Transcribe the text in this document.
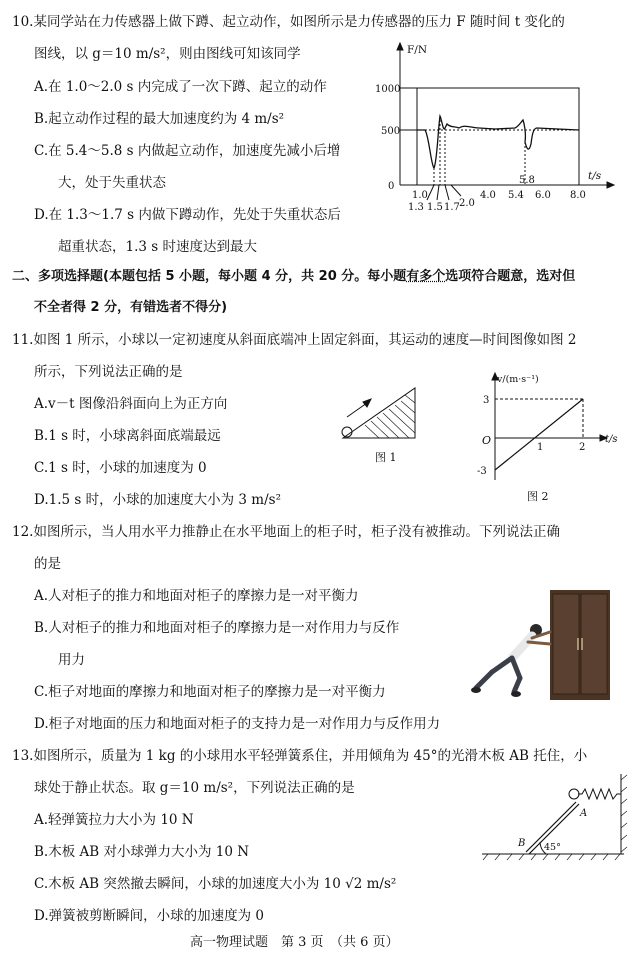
10.某同学站在力传感器上做下蹲、起立动作，如图所示是力传感器的压力 F 随时间 t 变化的
图线，以 g＝10 m/s²，则由图线可知该同学
A.在 1.0～2.0 s 内完成了一次下蹲、起立的动作
B.起立动作过程的最大加速度约为 4 m/s²
C.在 5.4～5.8 s 内做起立动作，加速度先减小后增
大，处于失重状态
D.在 1.3～1.7 s 内做下蹲动作，先处于失重状态后
超重状态，1.3 s 时速度达到最大
F/N
t/s
0
1000
500
1.0	4.0 5.4 6.0 8.0
5.8
1.3 1.5 1.7 2.0
二、多项选择题(本题包括 5 小题，每小题 4 分，共 20 分。每小题有多个选项符合题意，选对但
不全者得 2 分，有错选者不得分)
11.如图 1 所示，小球以一定初速度从斜面底端冲上固定斜面，其运动的速度—时间图像如图 2
所示，下列说法正确的是
A.v－t 图像沿斜面向上为正方向
B.1 s 时，小球离斜面底端最远
C.1 s 时，小球的加速度为 0
D.1.5 s 时，小球的加速度大小为 3 m/s²
图 1
v/(m·s⁻¹)
t/s
O
3
-3
1	2
图 2
12.如图所示，当人用水平力推静止在水平地面上的柜子时，柜子没有被推动。下列说法正确
的是
A.人对柜子的推力和地面对柜子的摩擦力是一对平衡力
B.人对柜子的推力和地面对柜子的摩擦力是一对作用力与反作
用力
C.柜子对地面的摩擦力和地面对柜子的摩擦力是一对平衡力
D.柜子对地面的压力和地面对柜子的支持力是一对作用力与反作用力
13.如图所示，质量为 1 kg 的小球用水平轻弹簧系住，并用倾角为 45°的光滑木板 AB 托住，小
球处于静止状态。取 g＝10 m/s²，下列说法正确的是
A.轻弹簧拉力大小为 10 N
B.木板 AB 对小球弹力大小为 10 N
C.木板 AB 突然撤去瞬间，小球的加速度大小为 10 √2 m/s²
D.弹簧被剪断瞬间，小球的加速度为 0
A
B 45°
高一物理试题　第 3 页　（共 6 页）
